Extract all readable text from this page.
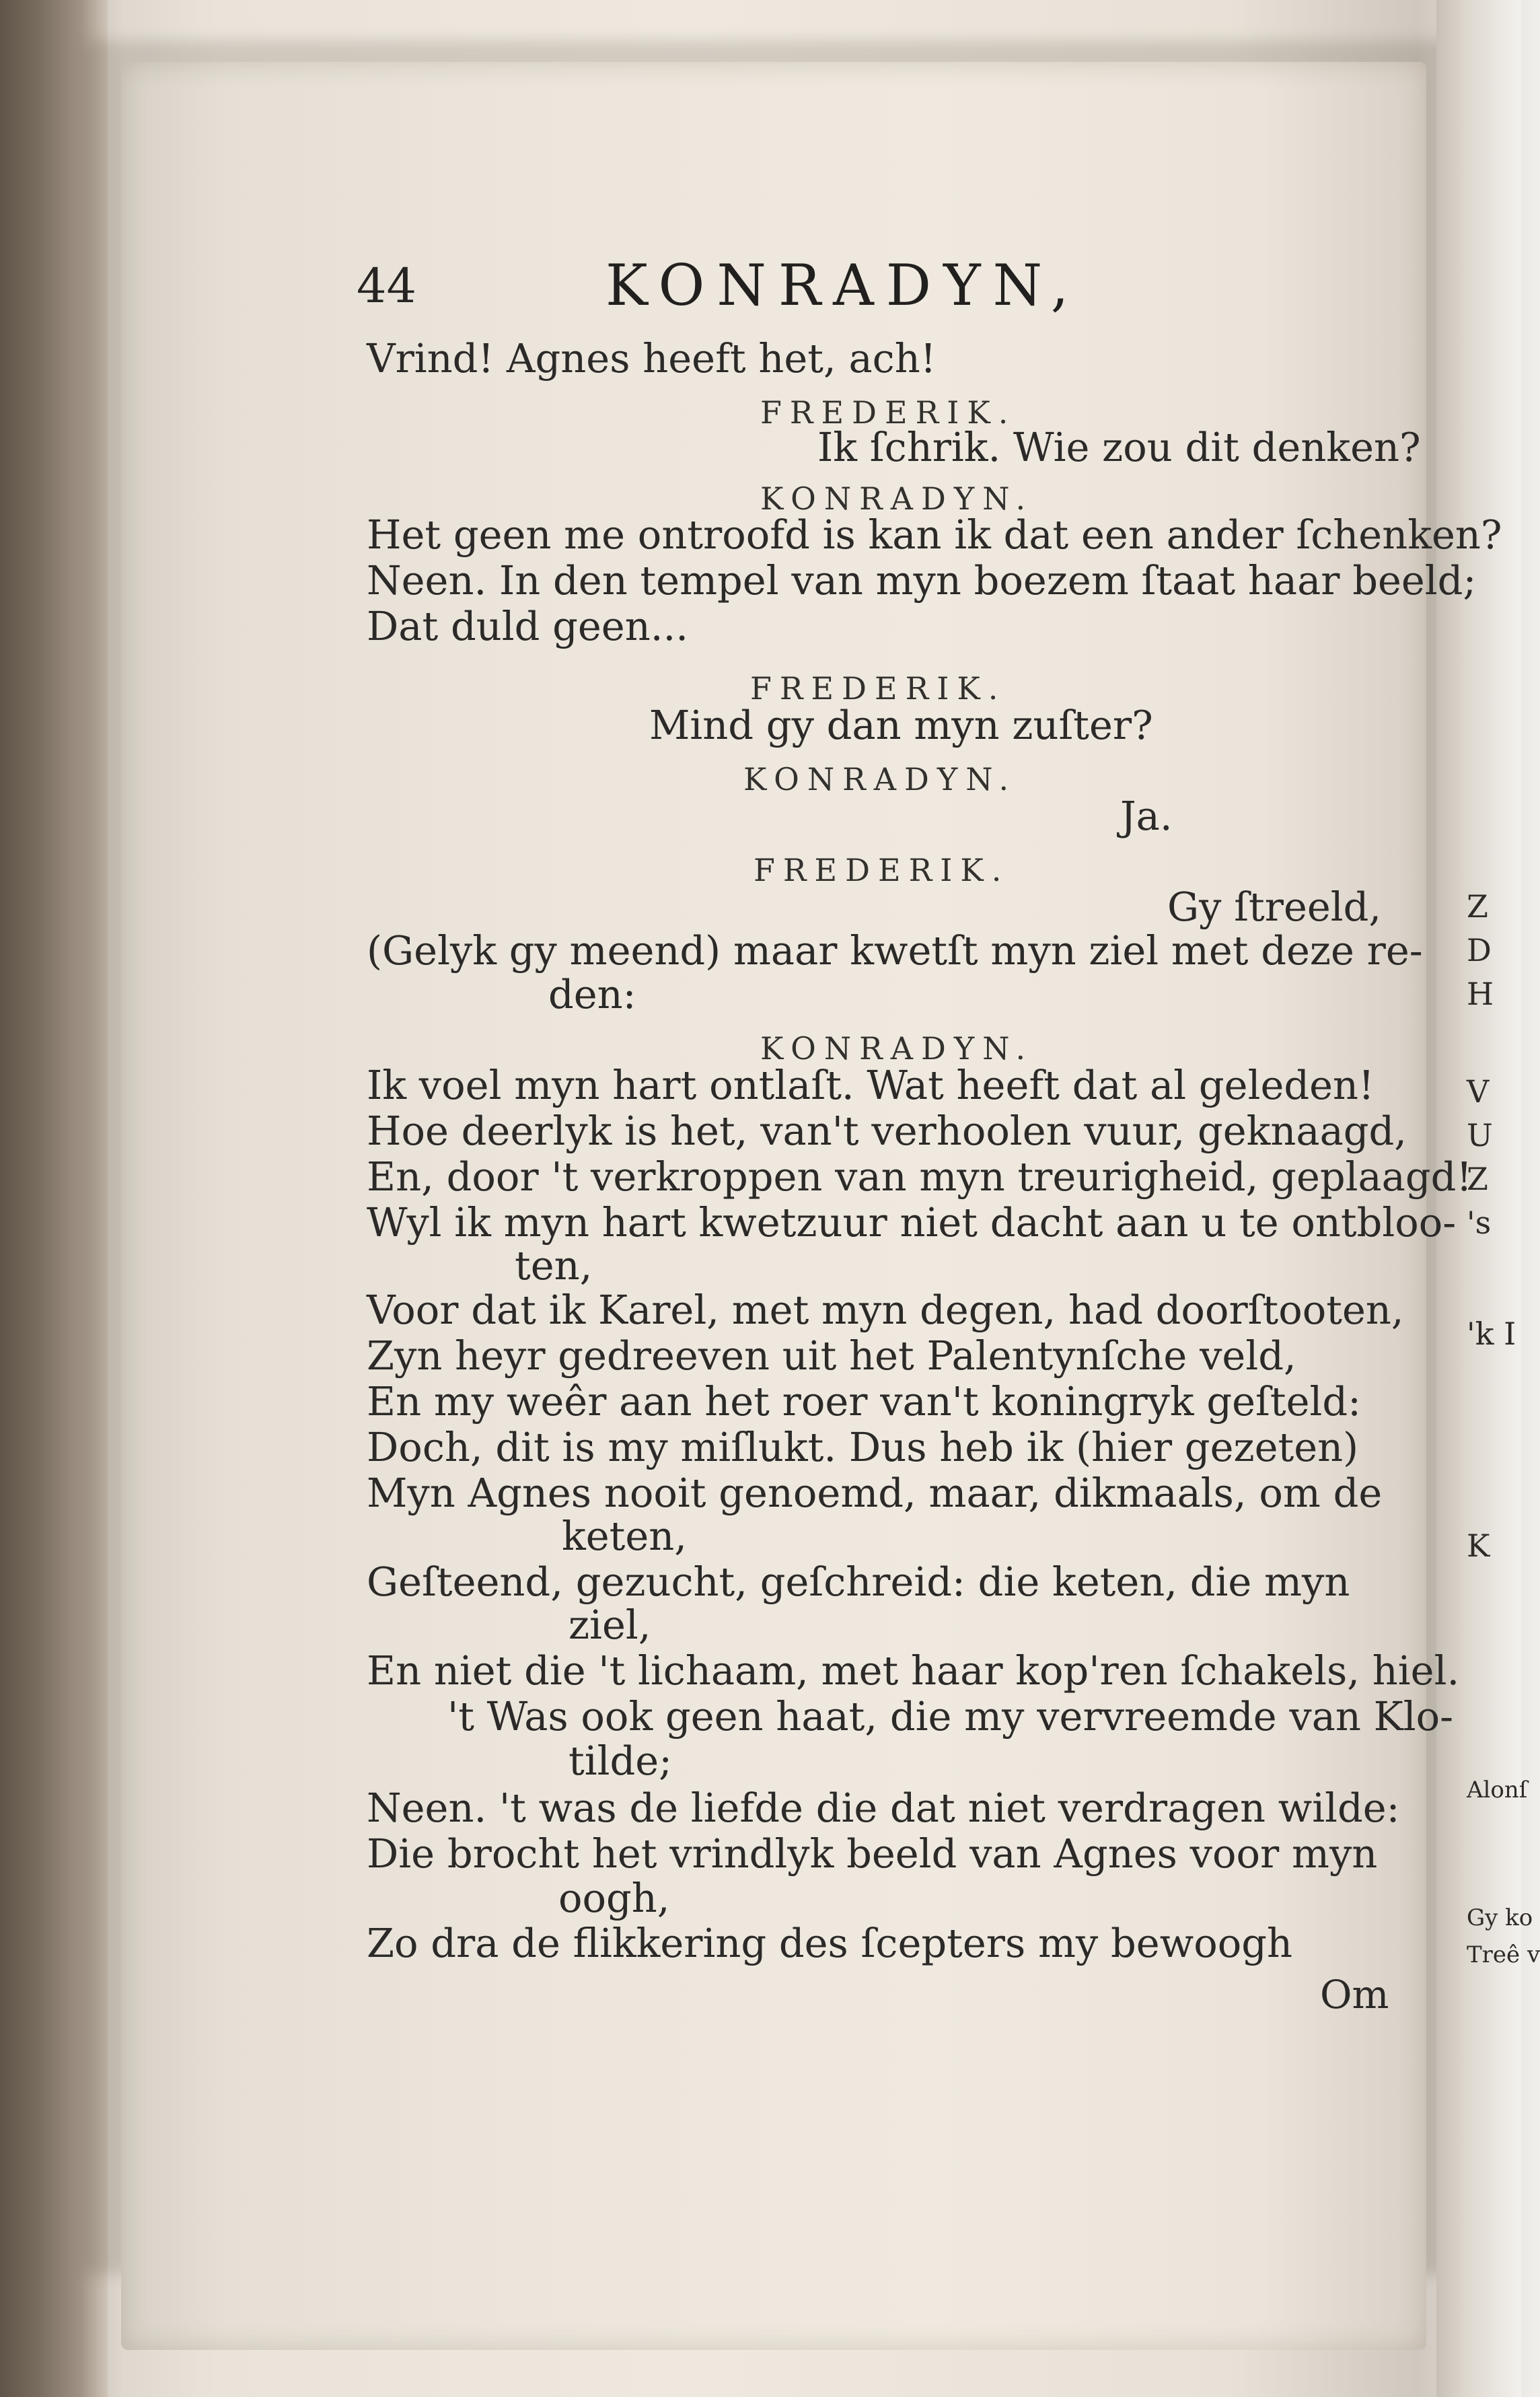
44	KONRADYN,
Vrind! Agnes heeft het, ach!
FREDERIK.
Ik ſchrik. Wie zou dit denken?
KONRADYN.
Het geen me ontroofd is kan ik dat een ander ſchenken?
Neen. In den tempel van myn boezem ſtaat haar beeld;
Dat duld geen...
FREDERIK.
Mind gy dan myn zuſter?
KONRADYN.
Ja.
FREDERIK.
Gy ſtreeld,
(Gelyk gy meend) maar kwetſt myn ziel met deze re-
den:
KONRADYN.
Ik voel myn hart ontlaſt. Wat heeft dat al geleden!
Hoe deerlyk is het, van't verhoolen vuur, geknaagd,
En, door 't verkroppen van myn treurigheid, geplaagd!
Wyl ik myn hart kwetzuur niet dacht aan u te ontbloo-
ten,
Voor dat ik Karel, met myn degen, had doorſtooten,
Zyn heyr gedreeven uit het Palentynſche veld,
En my weêr aan het roer van't koningryk geſteld:
Doch, dit is my miſlukt. Dus heb ik (hier gezeten)
Myn Agnes nooit genoemd, maar, dikmaals, om de
keten,
Geſteend, gezucht, geſchreid: die keten, die myn
ziel,
En niet die 't lichaam, met haar kop'ren ſchakels, hiel.
't Was ook geen haat, die my vervreemde van Klo-
tilde;
Neen. 't was de liefde die dat niet verdragen wilde:
Die brocht het vrindlyk beeld van Agnes voor myn
oogh,
Zo dra de flikkering des ſcepters my bewoogh
Om
Z
D
H
V
U
Z
's
'k I
K
Alonſ
Gy ko
Treê v
